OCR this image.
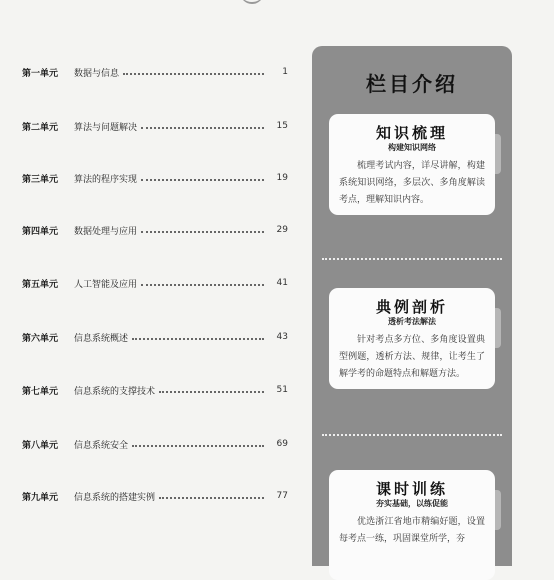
第一单元	数据与信息	1
第二单元	算法与问题解决	15
第三单元	算法的程序实现	19
第四单元	数据处理与应用	29
第五单元	人工智能及应用	41
第六单元	信息系统概述	43
第七单元	信息系统的支撑技术	51
第八单元	信息系统安全	69
第九单元	信息系统的搭建实例	77
栏目介绍
知识梳理
构建知识网络
梳理考试内容，详尽讲解，构建系统知识网络，多层次、多角度解读考点，理解知识内容。
典例剖析
透析考法解法
针对考点多方位、多角度设置典型例题，透析方法、规律，让考生了解学考的命题特点和解题方法。
课时训练
夯实基础，以练促能
优选浙江省地市精编好题，设置每考点一练，巩固课堂所学，夯
